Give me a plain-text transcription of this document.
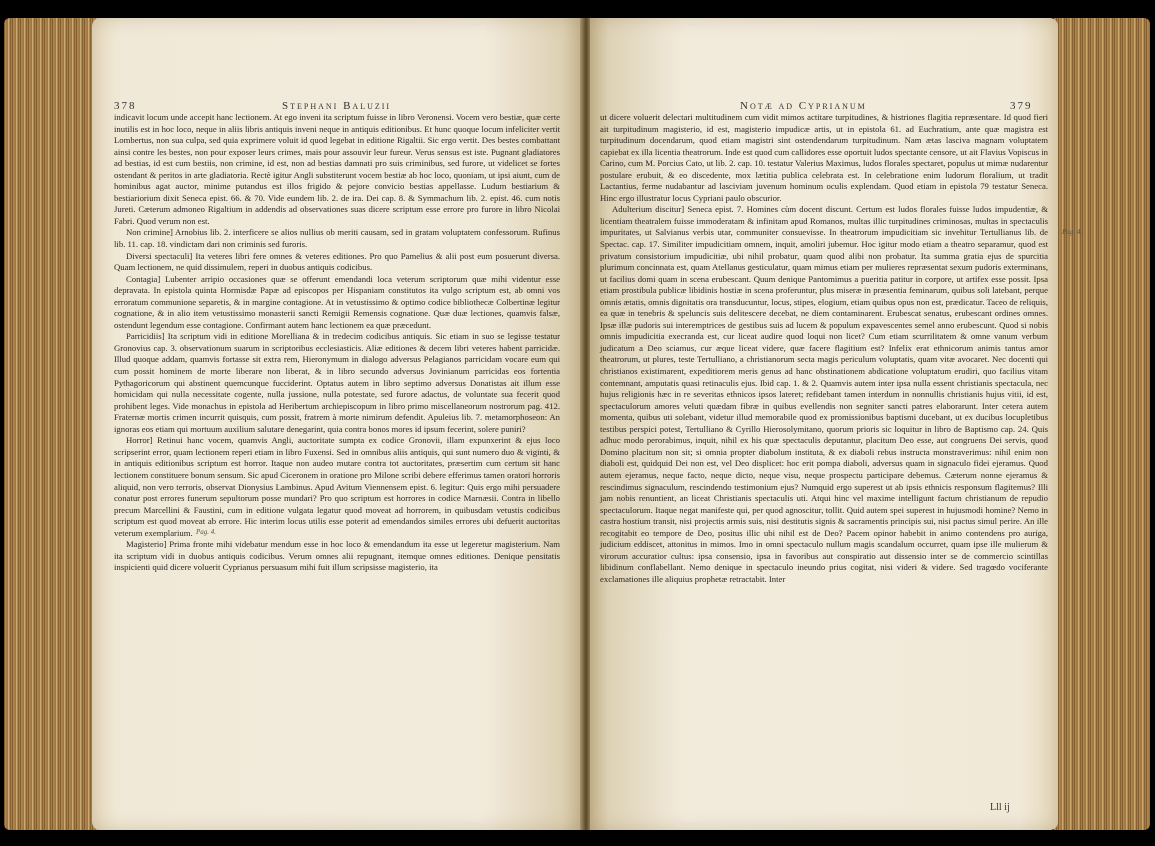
378	Stephani Baluzii

indicavit locum unde accepit hanc lectionem. At ego inveni ita scriptum fuisse in libro Veronensi. Vocem vero bestiæ, quæ certe inutilis est in hoc loco, neque in aliis libris antiquis inveni neque in antiquis editionibus. Et hunc quoque locum infeliciter vertit Lombertus, non sua culpa, sed quia exprimere voluit id quod legebat in editione Rigaltii. Sic ergo vertit. Des bestes combattant ainsi contre les bestes, non pour exposer leurs crimes, mais pour assouvir leur fureur. Verus sensus est iste. Pugnant gladiatores ad bestias, id est cum bestiis, non crimine, id est, non ad bestias damnati pro suis criminibus, sed furore, ut videlicet se fortes ostendant & peritos in arte gladiatoria. Rectè igitur Angli substiterunt vocem bestiæ ab hoc loco, quoniam, ut ipsi aiunt, cum de hominibus agat auctor, minime putandus est illos frigido & pejore convicio bestias appellasse. Ludum bestiarium & bestiariorium dixit Seneca epist. 66. & 70. Vide eundem lib. 2. de ira. Dei cap. 8. & Symmachum lib. 2. epist. 46. cum notis Jureti. Cæterum admoneo Rigaltium in addendis ad observationes suas dicere scriptum esse errore pro furore in libro Nicolai Fabri. Quod verum non est.

Non crimine] Arnobius lib. 2. interficere se alios nullius ob meriti causam, sed in gratam voluptatem confessorum. Rufinus lib. 11. cap. 18. vindictam dari non criminis sed furoris.

Diversi spectaculi] Ita veteres libri fere omnes & veteres editiones. Pro quo Pamelius & alii post eum posuerunt diversa. Quam lectionem, ne quid dissimulem, reperi in duobus antiquis codicibus.

Contagia] Lubenter arripio occasiones quæ se offerunt emendandi loca veterum scriptorum quæ mihi videntur esse depravata. In epistola quinta Hormisdæ Papæ ad episcopos per Hispaniam constitutos ita vulgo scriptum est, ab omni vos erroratum communione separetis, & in margine contagione. At in vetustissimo & optimo codice bibliothecæ Colbertinæ legitur cognatione, & in alio item vetustissimo monasterii sancti Remigii Remensis cognatione. Quæ duæ lectiones, quamvis falsæ, ostendunt legendum esse contagione. Confirmant autem hanc lectionem ea quæ præcedunt.

Parricidiis] Ita scriptum vidi in editione Morelliana & in tredecim codicibus antiquis. Sic etiam in suo se legisse testatur Gronovius cap. 3. observationum suarum in scriptoribus ecclesiasticis. Aliæ editiones & decem libri veteres habent parricidæ. Illud quoque addam, quamvis fortasse sit extra rem, Hieronymum in dialogo adversus Pelagianos parricidam vocare eum qui cum possit hominem de morte liberare non liberat, & in libro secundo adversus Jovinianum parricidas eos fortentia Pythagoricorum qui abstinent quemcunque fucciderint. Optatus autem in libro septimo adversus Donatistas ait illum esse homicidam qui nulla necessitate cogente, nulla jussione, nulla potestate, sed furore adactus, de voluntate sua fecerit quod prohibent leges. Vide monachus in epistola ad Heribertum archiepiscopum in libro primo miscellaneorum nostrorum pag. 412. Fraternæ mortis crimen incurrit quisquis, cum possit, fratrem à morte nimirum defendit. Apuleius lib. 7. metamorphoseon: An ignoras eos etiam qui mortuum auxilium salutare denegarint, quia contra bonos mores id ipsum fecerint, solere puniri?

Horror] Retinui hanc vocem, quamvis Angli, auctoritate sumpta ex codice Gronovii, illam expunxerint & ejus loco scripserint error, quam lectionem reperi etiam in libro Fuxensi. Sed in omnibus aliis antiquis, qui sunt numero duo & viginti, & in antiquis editionibus scriptum est horror. Itaque non audeo mutare contra tot auctoritates, præsertim cum certum sit hanc lectionem constituere bonum sensum. Sic apud Ciceronem in oratione pro Milone scribi debere efferimus tamen oratori horroris aliquid, non vero terroris, observat Dionysius Lambinus. Apud Avitum Viennensem epist. 6. legitur: Quis ergo mihi persuadere conatur post errores funerum sepultorum posse mundari? Pro quo scriptum est horrores in codice Marnæsii. Contra in libello precum Marcellini & Faustini, cum in editione vulgata legatur quod moveat ad horrorem, in quibusdam vetustis codicibus scriptum est quod moveat ab errore. Hic interim locus utilis esse poterit ad emendandos similes errores ubi defuerit auctoritas veterum exemplarium.

Magisterio] Prima fronte mihi videbatur mendum esse in hoc loco & emendandum ita esse ut legeretur magisterium. Nam ita scriptum vidi in duobus antiquis codicibus. Verum omnes alii repugnant, itemque omnes editiones. Denique pensitatis inspicienti quid dicere voluerit Cyprianus persuasum mihi fuit illum scripsisse magisterio, ita

Pag. 4.
Notæ ad Cyprianum	379

ut dicere voluerit delectari multitudinem cum vidit mimos actitare turpitudines, & histriones flagitia repræsentare. Id quod fieri ait turpitudinum magisterio, id est, magisterio impudicæ artis, ut in epistola 61. ad Euchratium, ante quæ magistra est turpitudinum docendarum, quod etiam magistri sint ostendendarum turpitudinum. Nam ætas lasciva magnam voluptatem capiebat ex illa licentia theatrorum. Inde est quod cum callidores esse oportuit ludos spectante censore, ut ait Flavius Vopiscus in Carino, cum M. Porcius Cato, ut lib. 2. cap. 10. testatur Valerius Maximus, ludos florales spectaret, populus ut mimæ nudarentur postulare erubuit, & eo discedente, mox lætitia publica celebrata est. In celebratione enim ludorum floralium, ut tradit Lactantius, ferme nudabantur ad lasciviam juvenum hominum oculis explendam. Quod etiam in epistola 79 testatur Seneca. Hinc ergo illustratur locus Cypriani paulo obscurior.

Adulterium discitur] Seneca epist. 7. Homines cùm docent discunt. Certum est ludos florales fuisse ludos impudentiæ, & licentiam theatralem fuisse immoderatam & infinitam apud Romanos, multas illic turpitudines criminosas, multas in spectaculis impuritates, ut Salvianus verbis utar, communiter consuevisse. In theatrorum impudicitiam sic invehitur Tertullianus lib. de Spectac. cap. 17. Similiter impudicitiam omnem, inquit, amoliri jubemur. Hoc igitur modo etiam a theatro separamur, quod est privatum consistorium impudicitiæ, ubi nihil probatur, quam quod alibi non probatur. Ita summa gratia ejus de spurcitia plurimum concinnata est, quam Atellanus gesticulatur, quam mimus etiam per mulieres repræsentat sexum pudoris exterminans, ut facilius domi quam in scena erubescant. Quum denique Pantomimus a pueritia patitur in corpore, ut artifex esse possit. Ipsa etiam prostibula publicæ libidinis hostiæ in scena proferuntur, plus miseræ in præsentia feminarum, quibus soli latebant, perque omnis ætatis, omnis dignitatis ora transducuntur, locus, stipes, elogium, etiam quibus opus non est, prædicatur. Taceo de reliquis, ea quæ in tenebris & speluncis suis delitescere decebat, ne diem contaminarent. Erubescat senatus, erubescant ordines omnes. Ipsæ illæ pudoris sui interemptrices de gestibus suis ad lucem & populum expavescentes semel anno erubescunt. Quod si nobis omnis impudicitia execranda est, cur liceat audire quod loqui non licet? Cum etiam scurrilitatem & omne vanum verbum judicatum a Deo sciamus, cur æque liceat videre, quæ facere flagitium est? Infelix erat ethnicorum animis tantus amor theatrorum, ut plures, teste Tertulliano, a christianorum secta magis periculum voluptatis, quam vitæ avocaret. Nec docenti qui christianos existimarent, expeditiorem meris genus ad hanc obstinationem abdicatione voluptatum erudiri, quo facilius vitam contemnant, amputatis quasi retinaculis ejus. Ibid cap. 1. & 2. Quamvis autem inter ipsa nulla essent christianis spectacula, nec hujus religionis hæc in re severitas ethnicos ipsos lateret; refidebant tamen interdum in nonnullis christianis hujus vitii, id est, spectaculorum amores veluti quædam fibræ in quibus evellendis non segniter sancti patres elaborarunt. Inter cetera autem momenta, quibus uti solebant, videtur illud memorabile quod ex promissionibus baptismi ducebant, ut ex ducibus locupletibus testibus perspici potest, Tertulliano & Cyrillo Hierosolymitano, quorum prioris sic loquitur in libro de Baptismo cap. 24. Quis adhuc modo perorabimus, inquit, nihil ex his quæ spectaculis deputantur, placitum Deo esse, aut congruens Dei servis, quod Domino placitum non sit; si omnia propter diabolum instituta, & ex diaboli rebus instructa monstraverimus: nihil enim non diaboli est, quidquid Dei non est, vel Deo displicet: hoc erit pompa diaboli, adversus quam in signaculo fidei ejeramus. Quod autem ejeramus, neque facto, neque dicto, neque visu, neque prospectu participare debemus. Cæterum nonne ejeramus & rescindimus signaculum, rescindendo testimonium ejus? Numquid ergo superest ut ab ipsis ethnicis responsum flagitemus? Illi jam nobis renuntient, an liceat Christianis spectaculis uti. Atqui hinc vel maxime intelligunt factum christianum de repudio spectaculorum. Itaque negat manifeste qui, per quod agnoscitur, tollit. Quid autem spei superest in hujusmodi homine? Nemo in castra hostium transit, nisi projectis armis suis, nisi destitutis signis & sacramentis principis sui, nisi pactus simul perire. An ille recogitabit eo tempore de Deo, positus illic ubi nihil est de Deo? Pacem opinor habebit in animo contendens pro auriga, judicium eddiscet, attonitus in mimos. Imo in omni spectaculo nullum magis scandalum occurret, quam ipse ille mulierum & virorum accuratior cultus: ipsa consensio, ipsa in favoribus aut conspiratio aut dissensio inter se de commercio scintillas libidinum conflabellant. Nemo denique in spectaculo ineundo prius cogitat, nisi videri & videre. Sed tragœdo vociferante exclamationes ille aliquius prophetæ retractabit. Inter

Lll ij
Pag. 4.
